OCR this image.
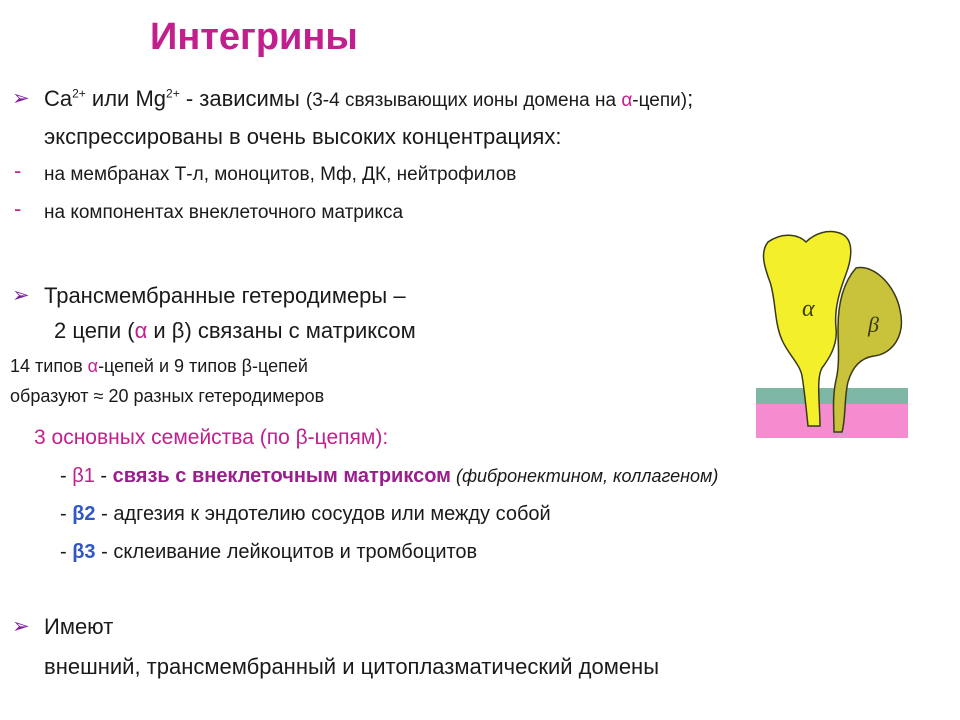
Интегрины
➢ $Ca^{2+}$ или $Mg^{2+}$ - зависимы (3-4 связывающих ионы домена на α-цепи);
экспрессированы в очень высоких концентрациях:
- на мембранах Т-л, моноцитов, Мф, ДК, нейтрофилов
- на компонентах внеклеточного матрикса
➢ Трансмембранные гетеродимеры –
2 цепи (α и β) связаны с матриксом
14 типов α-цепей и 9 типов β-цепей
образуют ≈ 20 разных гетеродимеров
3 основных семейства (по β-цепям):
- β1 - связь с внеклеточным матриксом (фибронектином, коллагеном)
- β2 - адгезия к эндотелию сосудов или между собой
- β3 - склеивание лейкоцитов и тромбоцитов
➢ Имеют
внешний, трансмембранный и цитоплазматический домены
α
β
